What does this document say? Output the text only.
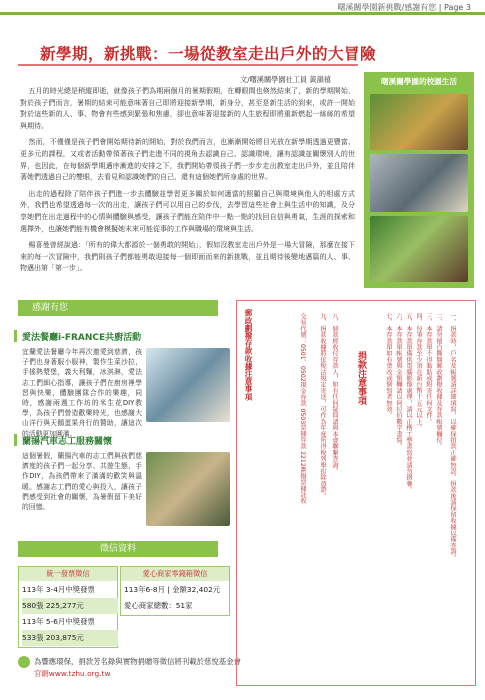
曙溪關學園新挑戰/感謝有您 | Page 3
新學期，新挑戰：一場從教室走出戶外的大冒險
文/曙溪關學園社工員 黃韻禧

五月的時光總是稍縱即逝，就像孩子們為期兩個月的暑期假期，在轉眼間也倏然結束了，新的學期開始，對於孩子們而言，暑期的結束可能意味著自己即將迎接新學期，新身分，甚至是新生活的到來，或許一開始對於這些新的人、事、物會有些感到緊張和焦慮，卻也意味著迎接新的人生旅程即將重新燃起一絲絲的希望與期待。

然而，不僅僅是孩子們會開始期待新的開始，對於我們而言，也漸漸開始將目光放在新學期透過更豐富、更多元的課程，又或者活動帶領著孩子們走進不同的視角去認識自己、認識環境，讓有認識並關懷別人的世界，也因此，在每個新學期邁序漸進的安排之下，我們開始帶領孩子們一步步走出教室走出戶外，並且陪伴著她們透過自己的雙眼，去看見和認識她們的自己，還有這個她們所身處的世界。

出走的過程除了陪伴孩子們進一步去體驗並學習更多關於如何適當的照顧自己與環境與他人的相處方式外，我們也希望透過每一次的出走，讓孩子們可以用自己的步伐，去學習這些社會上與生活中的知識，及分享她們在出走過程中的心情與體驗與感受，讓孩子們能在陪伴中一點一點的找回自信與勇氣，生涯的探索和選擇外，也讓她們能有機會模擬她未來可能從事的工作與職場的環境與生活。

楊喜曼曾經說過：「所有的偉大都源於一個勇敢的開始」，假如沒教室走出戶外是一場大冒險，那麼在接下來的每一次冒險中，我們則孩子們都能勇敢迎接每一個即面而來的新挑戰，並且期待後變地邁篇的人、事、物邁出第「第一步」。

曙溪關學園的校園生活
感謝有您
愛法餐廳i-FRANCE共廚活動
宜蘭愛法餐廳今年再次邀愛到慈濟，孩子們也身著服小服神，製作生菜沙拉，手搖熱漿堡，義大利麵，冰淇淋，愛法志工們細心指導，讓孩子們在廚房裡學習與快樂，體驗團隊合作的樂趣，同時，感謝兩週工作坊的米生花DIY教學，為孩子們營造歡樂時光，也感謝大山洋行與天鵝蛋果舟行的贊助，讓這次的活動更加圓滿。
蘭揚汽車志工服務關懷
這個暑假，蘭揚汽車的志工們與孩們慈濟度的孩子們一起分享、共遊生態，手作DIY，為孩們帶來了滿滿的歡笑與溫暖。感謝志工們的愛心與投入，讓孩子們感受到社會的關懷，為暑假留下美好的回憶。
徵信資料
統一發票徵信
113年 3-4月中獎發票
580張 225,277元
113年 5-6月中獎發票
533張 203,875元
愛心商家零錢箱徵信
113年6-8月 | 金額32,402元
愛心商家總數：51家
為響應環保，捐款芳名錄與實物捐贈等徵信將刊載於慈悅基金會
官網www.tzhu.org.tw
捐款注意事項
郵政劃撥存款收據注意事項	一、捐款時，戶名及帳號請詳細填寫，以確保捐款正確無誤。捐款後請保留收據以備查詢。
二、請勿擅自撕開郵政劃撥收據及存款帳號欄位。
三、本存款單不得黏貼或附寄任何文件。
四、每筆存款至少須在新台幣十五元以上。
五、本存款單備供電腦影像處理，請以正楷工整書寫並請勿摺疊。
六、本存款單帳號與金額欄請以阿拉伯數字書寫。
七、本存款單如有塗改或倒寫者無效。
八、倘款經收付存款人，如有任何疑問請與本會聯繫查詢。
九、捐款收據將依稅法規定寄送，可作為年度所得稅列舉扣除憑證。
交易代號：0501、0502現金存款 0503票據存款 2212劃撥票據託收
